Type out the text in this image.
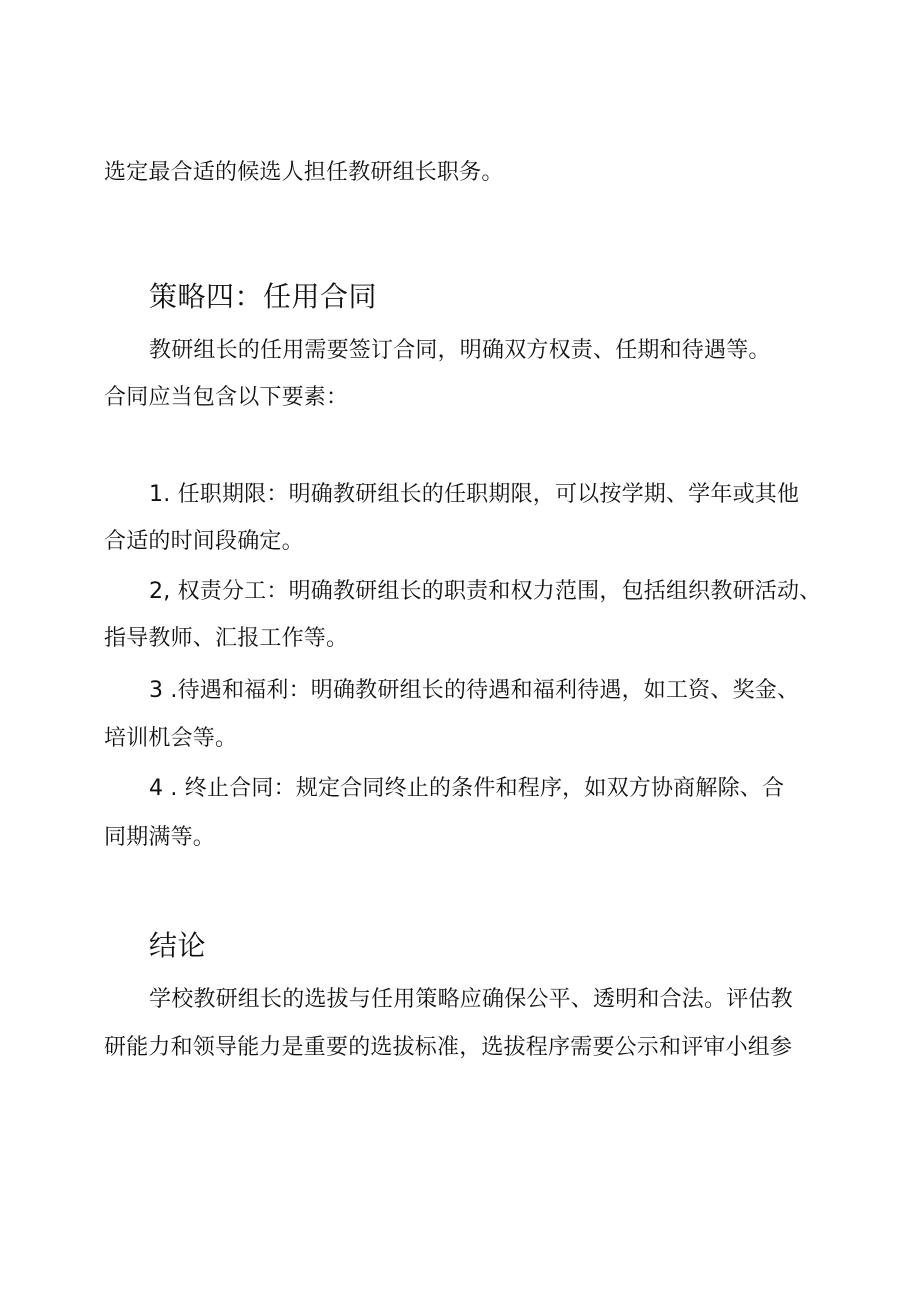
选定最合适的候选人担任教研组长职务。
策略四：任用合同
教研组长的任用需要签订合同，明确双方权责、任期和待遇等。
合同应当包含以下要素：
1. 任职期限：明确教研组长的任职期限，可以按学期、学年或其他
合适的时间段确定。
2, 权责分工：明确教研组长的职责和权力范围，包括组织教研活动、
指导教师、汇报工作等。
3 .待遇和福利：明确教研组长的待遇和福利待遇，如工资、奖金、
培训机会等。
4 . 终止合同：规定合同终止的条件和程序，如双方协商解除、合
同期满等。
结论
学校教研组长的选拔与任用策略应确保公平、透明和合法。评估教
研能力和领导能力是重要的选拔标准，选拔程序需要公示和评审小组参
